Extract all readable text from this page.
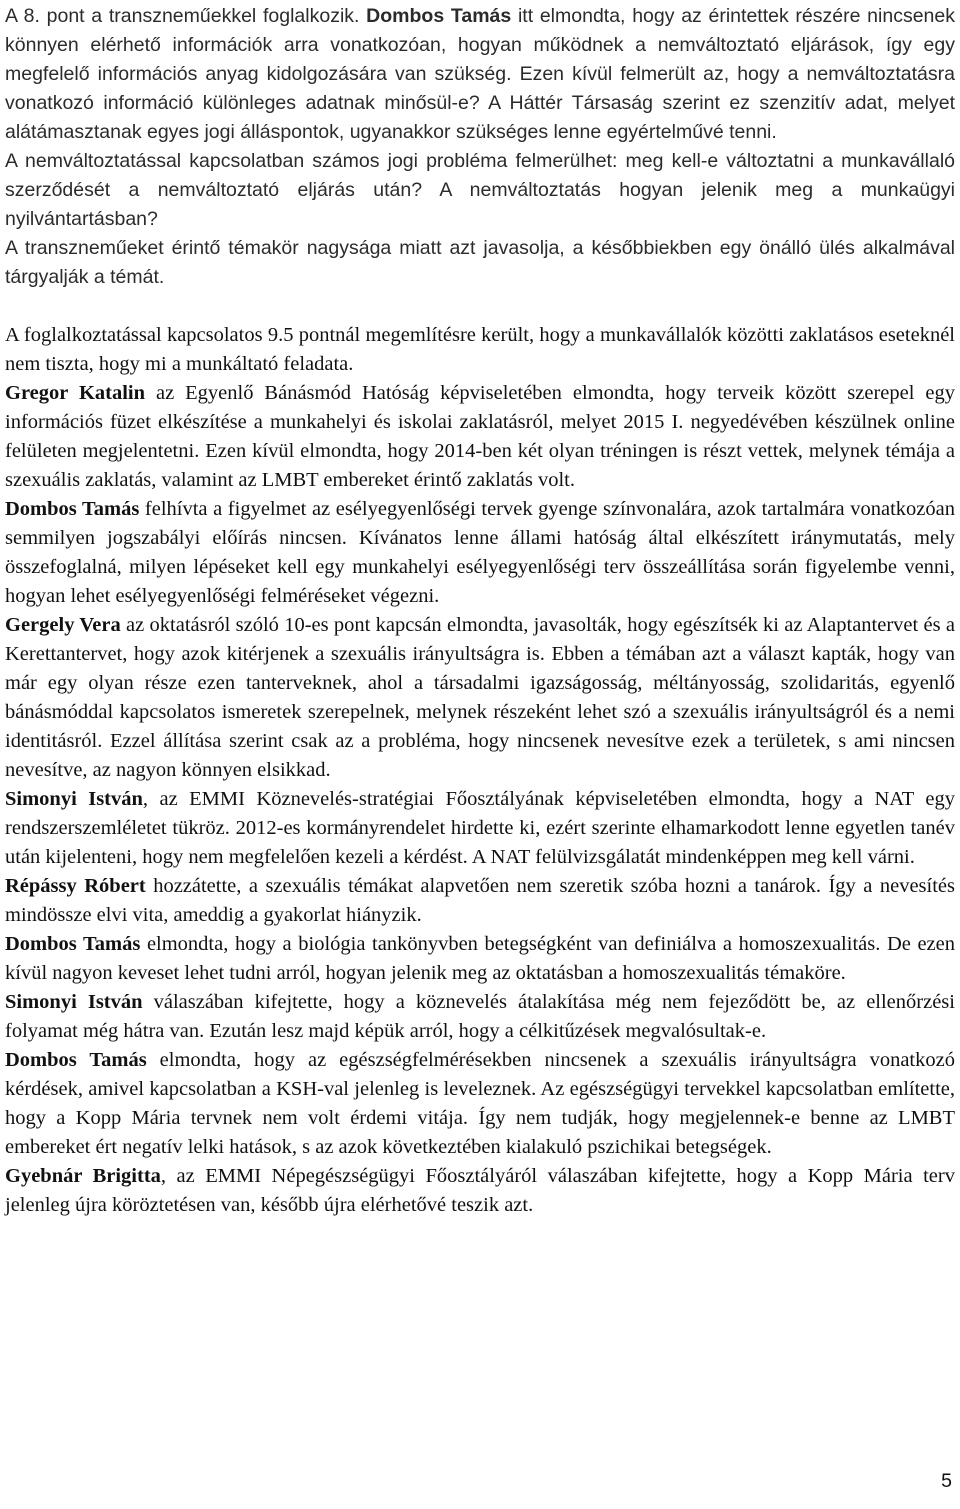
A 8. pont a transzneműekkel foglalkozik. Dombos Tamás itt elmondta, hogy az érintettek részére nincsenek könnyen elérhető információk arra vonatkozóan, hogyan működnek a nemváltoztató eljárások, így egy megfelelő információs anyag kidolgozására van szükség. Ezen kívül felmerült az, hogy a nemváltoztatásra vonatkozó információ különleges adatnak minősül-e? A Háttér Társaság szerint ez szenzitív adat, melyet alátámasztanak egyes jogi álláspontok, ugyanakkor szükséges lenne egyértelművé tenni.

A nemváltoztatással kapcsolatban számos jogi probléma felmerülhet: meg kell-e változtatni a munkavállaló szerződését a nemváltoztató eljárás után? A nemváltoztatás hogyan jelenik meg a munkaügyi nyilvántartásban?

A transzneműeket érintő témakör nagysága miatt azt javasolja, a későbbiekben egy önálló ülés alkalmával tárgyalják a témát.

A foglalkoztatással kapcsolatos 9.5 pontnál megemlítésre került, hogy a munkavállalók közötti zaklatásos eseteknél nem tiszta, hogy mi a munkáltató feladata.

Gregor Katalin az Egyenlő Bánásmód Hatóság képviseletében elmondta, hogy terveik között szerepel egy információs füzet elkészítése a munkahelyi és iskolai zaklatásról, melyet 2015 I. negyedévében készülnek online felületen megjelentetni. Ezen kívül elmondta, hogy 2014-ben két olyan tréningen is részt vettek, melynek témája a szexuális zaklatás, valamint az LMBT embereket érintő zaklatás volt.

Dombos Tamás felhívta a figyelmet az esélyegyenlőségi tervek gyenge színvonalára, azok tartalmára vonatkozóan semmilyen jogszabályi előírás nincsen. Kívánatos lenne állami hatóság által elkészített iránymutatás, mely összefoglalná, milyen lépéseket kell egy munkahelyi esélyegyenlőségi terv összeállítása során figyelembe venni, hogyan lehet esélyegyenlőségi felméréseket végezni.

Gergely Vera az oktatásról szóló 10-es pont kapcsán elmondta, javasolták, hogy egészítsék ki az Alaptantervet és a Kerettantervet, hogy azok kitérjenek a szexuális irányultságra is. Ebben a témában azt a választ kapták, hogy van már egy olyan része ezen tanterveknek, ahol a társadalmi igazságosság, méltányosság, szolidaritás, egyenlő bánásmóddal kapcsolatos ismeretek szerepelnek, melynek részeként lehet szó a szexuális irányultságról és a nemi identitásról. Ezzel állítása szerint csak az a probléma, hogy nincsenek nevesítve ezek a területek, s ami nincsen nevesítve, az nagyon könnyen elsikkad.

Simonyi István, az EMMI Köznevelés-stratégiai Főosztályának képviseletében elmondta, hogy a NAT egy rendszerszemléletet tükröz. 2012-es kormányrendelet hirdette ki, ezért szerinte elhamarkodott lenne egyetlen tanév után kijelenteni, hogy nem megfelelően kezeli a kérdést. A NAT felülvizsgálatát mindenképpen meg kell várni.

Répássy Róbert hozzátette, a szexuális témákat alapvetően nem szeretik szóba hozni a tanárok. Így a nevesítés mindössze elvi vita, ameddig a gyakorlat hiányzik.

Dombos Tamás elmondta, hogy a biológia tankönyvben betegségként van definiálva a homoszexualitás. De ezen kívül nagyon keveset lehet tudni arról, hogyan jelenik meg az oktatásban a homoszexualitás témaköre.

Simonyi István válaszában kifejtette, hogy a köznevelés átalakítása még nem fejeződött be, az ellenőrzési folyamat még hátra van. Ezután lesz majd képük arról, hogy a célkitűzések megvalósultak-e.

Dombos Tamás elmondta, hogy az egészségfelmérésekben nincsenek a szexuális irányultságra vonatkozó kérdések, amivel kapcsolatban a KSH-val jelenleg is leveleznek. Az egészségügyi tervekkel kapcsolatban említette, hogy a Kopp Mária tervnek nem volt érdemi vitája. Így nem tudják, hogy megjelennek-e benne az LMBT embereket ért negatív lelki hatások, s az azok következtében kialakuló pszichikai betegségek.

Gyebnár Brigitta, az EMMI Népegészségügyi Főosztályáról válaszában kifejtette, hogy a Kopp Mária terv jelenleg újra köröztetésen van, később újra elérhetővé teszik azt.

5
